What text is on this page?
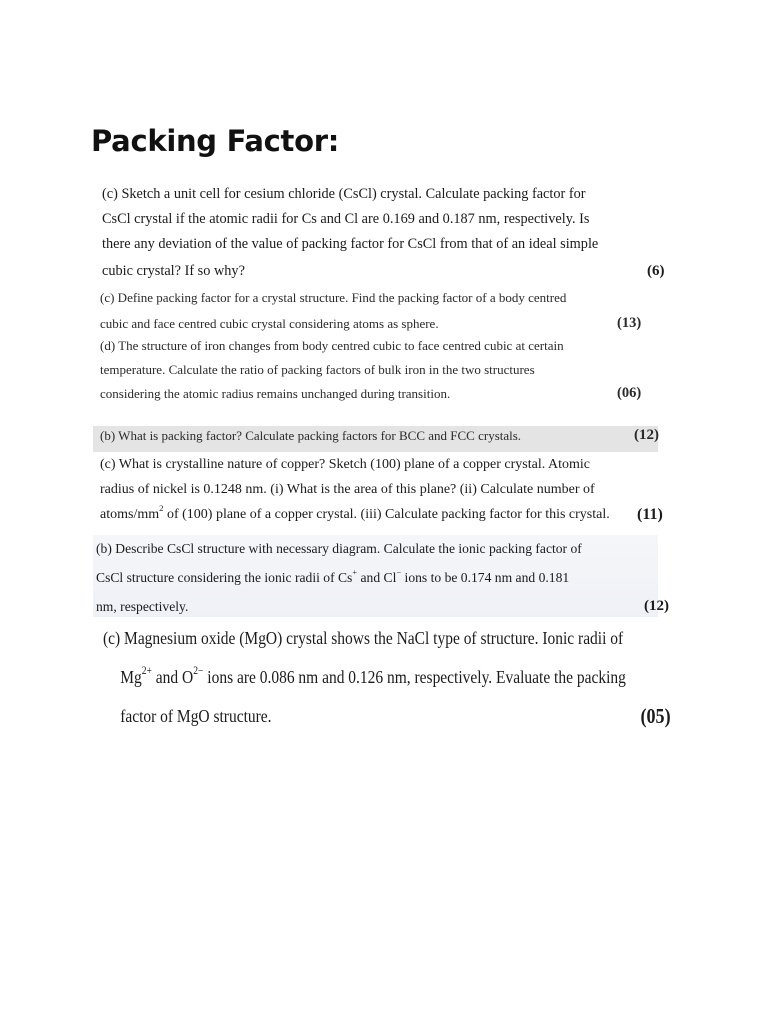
Packing Factor:
(c) Sketch a unit cell for cesium chloride (CsCl) crystal. Calculate packing factor for
CsCl crystal if the atomic radii for Cs and Cl are 0.169 and 0.187 nm, respectively. Is
there any deviation of the value of packing factor for CsCl from that of an ideal simple
cubic crystal? If so why?	(6)
(c) Define packing factor for a crystal structure. Find the packing factor of a body centred
cubic and face centred cubic crystal considering atoms as sphere.	(13)
(d) The structure of iron changes from body centred cubic to face centred cubic at certain
temperature. Calculate the ratio of packing factors of bulk iron in the two structures
considering the atomic radius remains unchanged during transition.	(06)
(b) What is packing factor? Calculate packing factors for BCC and FCC crystals.	(12)
(c) What is crystalline nature of copper? Sketch (100) plane of a copper crystal. Atomic
radius of nickel is 0.1248 nm. (i) What is the area of this plane? (ii) Calculate number of
atoms/$mm^2$ of (100) plane of a copper crystal. (iii) Calculate packing factor for this crystal. (11)
(b) Describe CsCl structure with necessary diagram. Calculate the ionic packing factor of
CsCl structure considering the ionic radii of Cs+ and Cl− ions to be 0.174 nm and 0.181
nm, respectively.	(12)
(c) Magnesium oxide (MgO) crystal shows the NaCl type of structure. Ionic radii of
$Mg^{2+}$ and $O^{2-}$ ions are 0.086 nm and 0.126 nm, respectively. Evaluate the packing
factor of MgO structure.	(05)
